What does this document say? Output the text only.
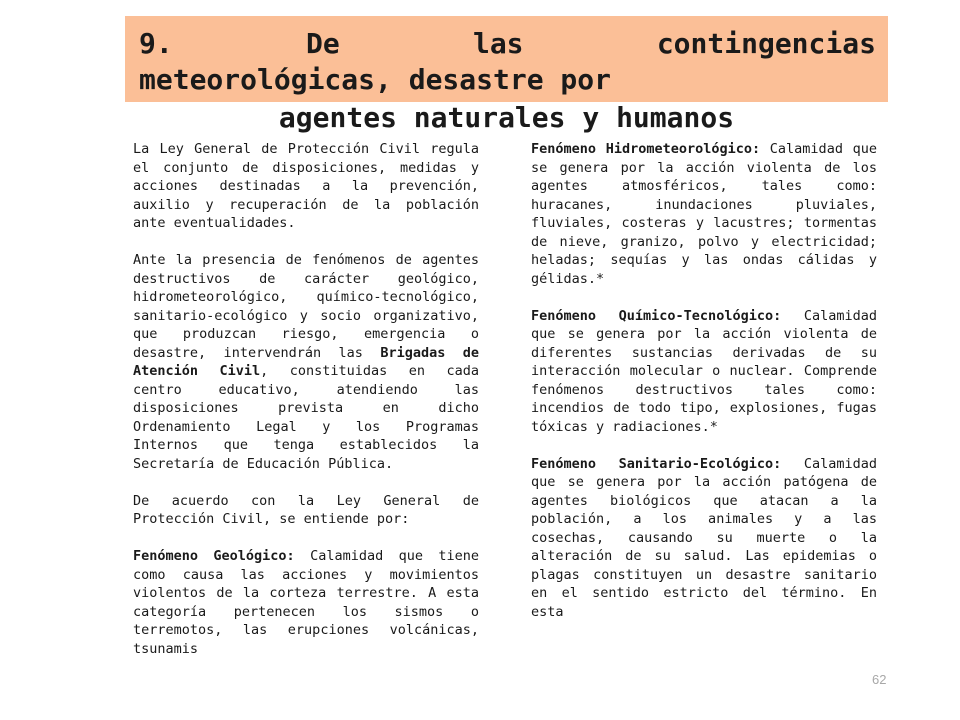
9.	De	las	contingencias
meteorológicas, desastre por
agentes naturales y humanos

La Ley General de Protección Civil regula el conjunto de disposiciones, medidas y acciones destinadas a la prevención, auxilio y recuperación de la población ante eventualidades.

Ante la presencia de fenómenos de agentes destructivos de carácter geológico, hidrometeorológico, químico-tecnológico, sanitario-ecológico y socio organizativo, que produzcan riesgo, emergencia o desastre, intervendrán las Brigadas de Atención Civil, constituidas en cada centro educativo, atendiendo las disposiciones prevista en dicho Ordenamiento Legal y los Programas Internos que tenga establecidos la Secretaría de Educación Pública.

De acuerdo con la Ley General de Protección Civil, se entiende por:

Fenómeno Geológico: Calamidad que tiene como causa las acciones y movimientos violentos de la corteza terrestre. A esta categoría pertenecen los sismos o terremotos, las erupciones volcánicas, tsunamis

Fenómeno Hidrometeorológico: Calamidad que se genera por la acción violenta de los agentes atmosféricos, tales como: huracanes, inundaciones pluviales, fluviales, costeras y lacustres; tormentas de nieve, granizo, polvo y electricidad; heladas; sequías y las ondas cálidas y gélidas.*

Fenómeno Químico-Tecnológico: Calamidad que se genera por la acción violenta de diferentes sustancias derivadas de su interacción molecular o nuclear. Comprende fenómenos destructivos tales como: incendios de todo tipo, explosiones, fugas tóxicas y radiaciones.*

Fenómeno Sanitario-Ecológico: Calamidad que se genera por la acción patógena de agentes biológicos que atacan a la población, a los animales y a las cosechas, causando su muerte o la alteración de su salud. Las epidemias o plagas constituyen un desastre sanitario en el sentido estricto del término. En esta

62
